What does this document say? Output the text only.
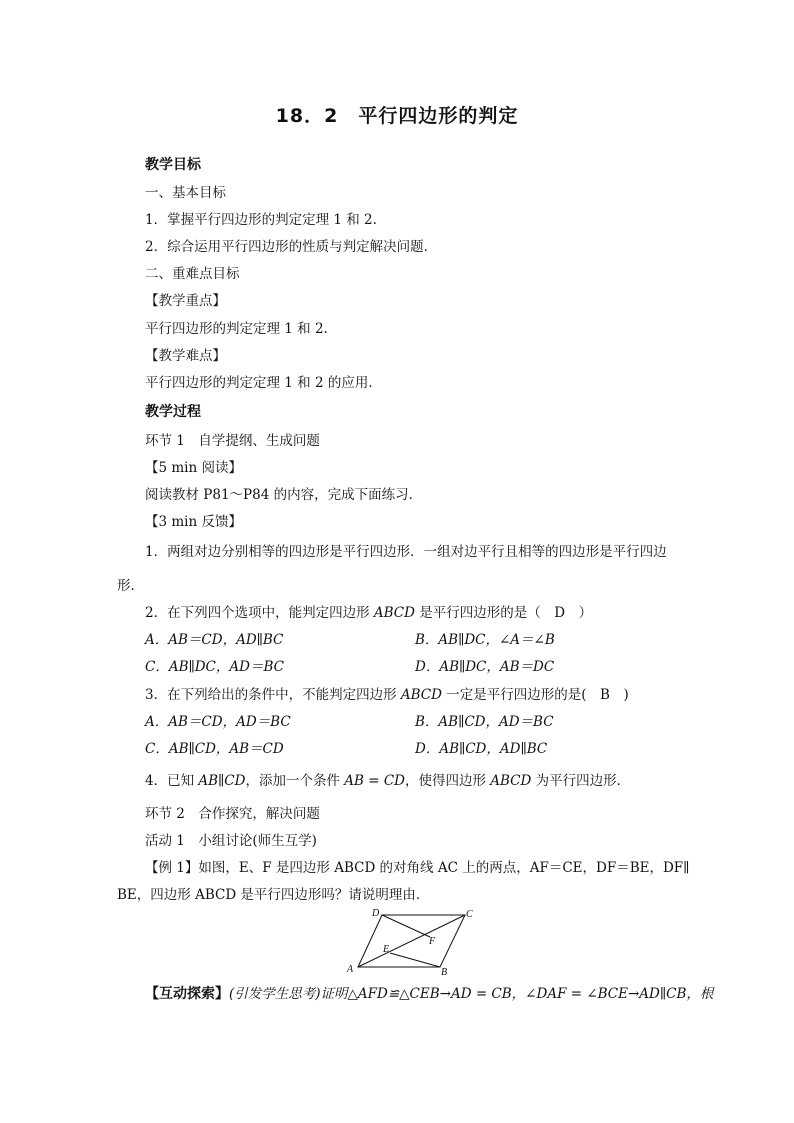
18．2　平行四边形的判定
教学目标
一、基本目标
1．掌握平行四边形的判定定理 1 和 2.
2．综合运用平行四边形的性质与判定解决问题．
二、重难点目标
【教学重点】
平行四边形的判定定理 1 和 2.
【教学难点】
平行四边形的判定定理 1 和 2 的应用．
教学过程
环节 1　自学提纲、生成问题
【5 min 阅读】
阅读教材 P81～P84 的内容，完成下面练习．
【3 min 反馈】
1．两组对边分别相等的四边形是平行四边形．一组对边平行且相等的四边形是平行四边
形．
2．在下列四个选项中，能判定四边形 ABCD 是平行四边形的是（　D　）
A．AB＝CD，AD∥BC	B．AB∥DC，∠A＝∠B
C．AB∥DC，AD＝BC	D．AB∥DC，AB＝DC
3．在下列给出的条件中，不能判定四边形 ABCD 一定是平行四边形的是(　B　)
A．AB＝CD，AD＝BC	B．AB∥CD，AD＝BC
C．AB∥CD，AB＝CD	D．AB∥CD，AD∥BC
4．已知 AB∥CD，添加一个条件 AB = CD，使得四边形 ABCD 为平行四边形．
环节 2　合作探究，解决问题
活动 1　小组讨论(师生互学)
【例 1】如图，E、F 是四边形 ABCD 的对角线 AC 上的两点，AF＝CE，DF＝BE，DF∥
BE，四边形 ABCD 是平行四边形吗？请说明理由．
A	B
C
D
E
F
【互动探索】(引发学生思考)证明△AFD≌△CEB→AD = CB，∠DAF = ∠BCE→AD∥CB，根
